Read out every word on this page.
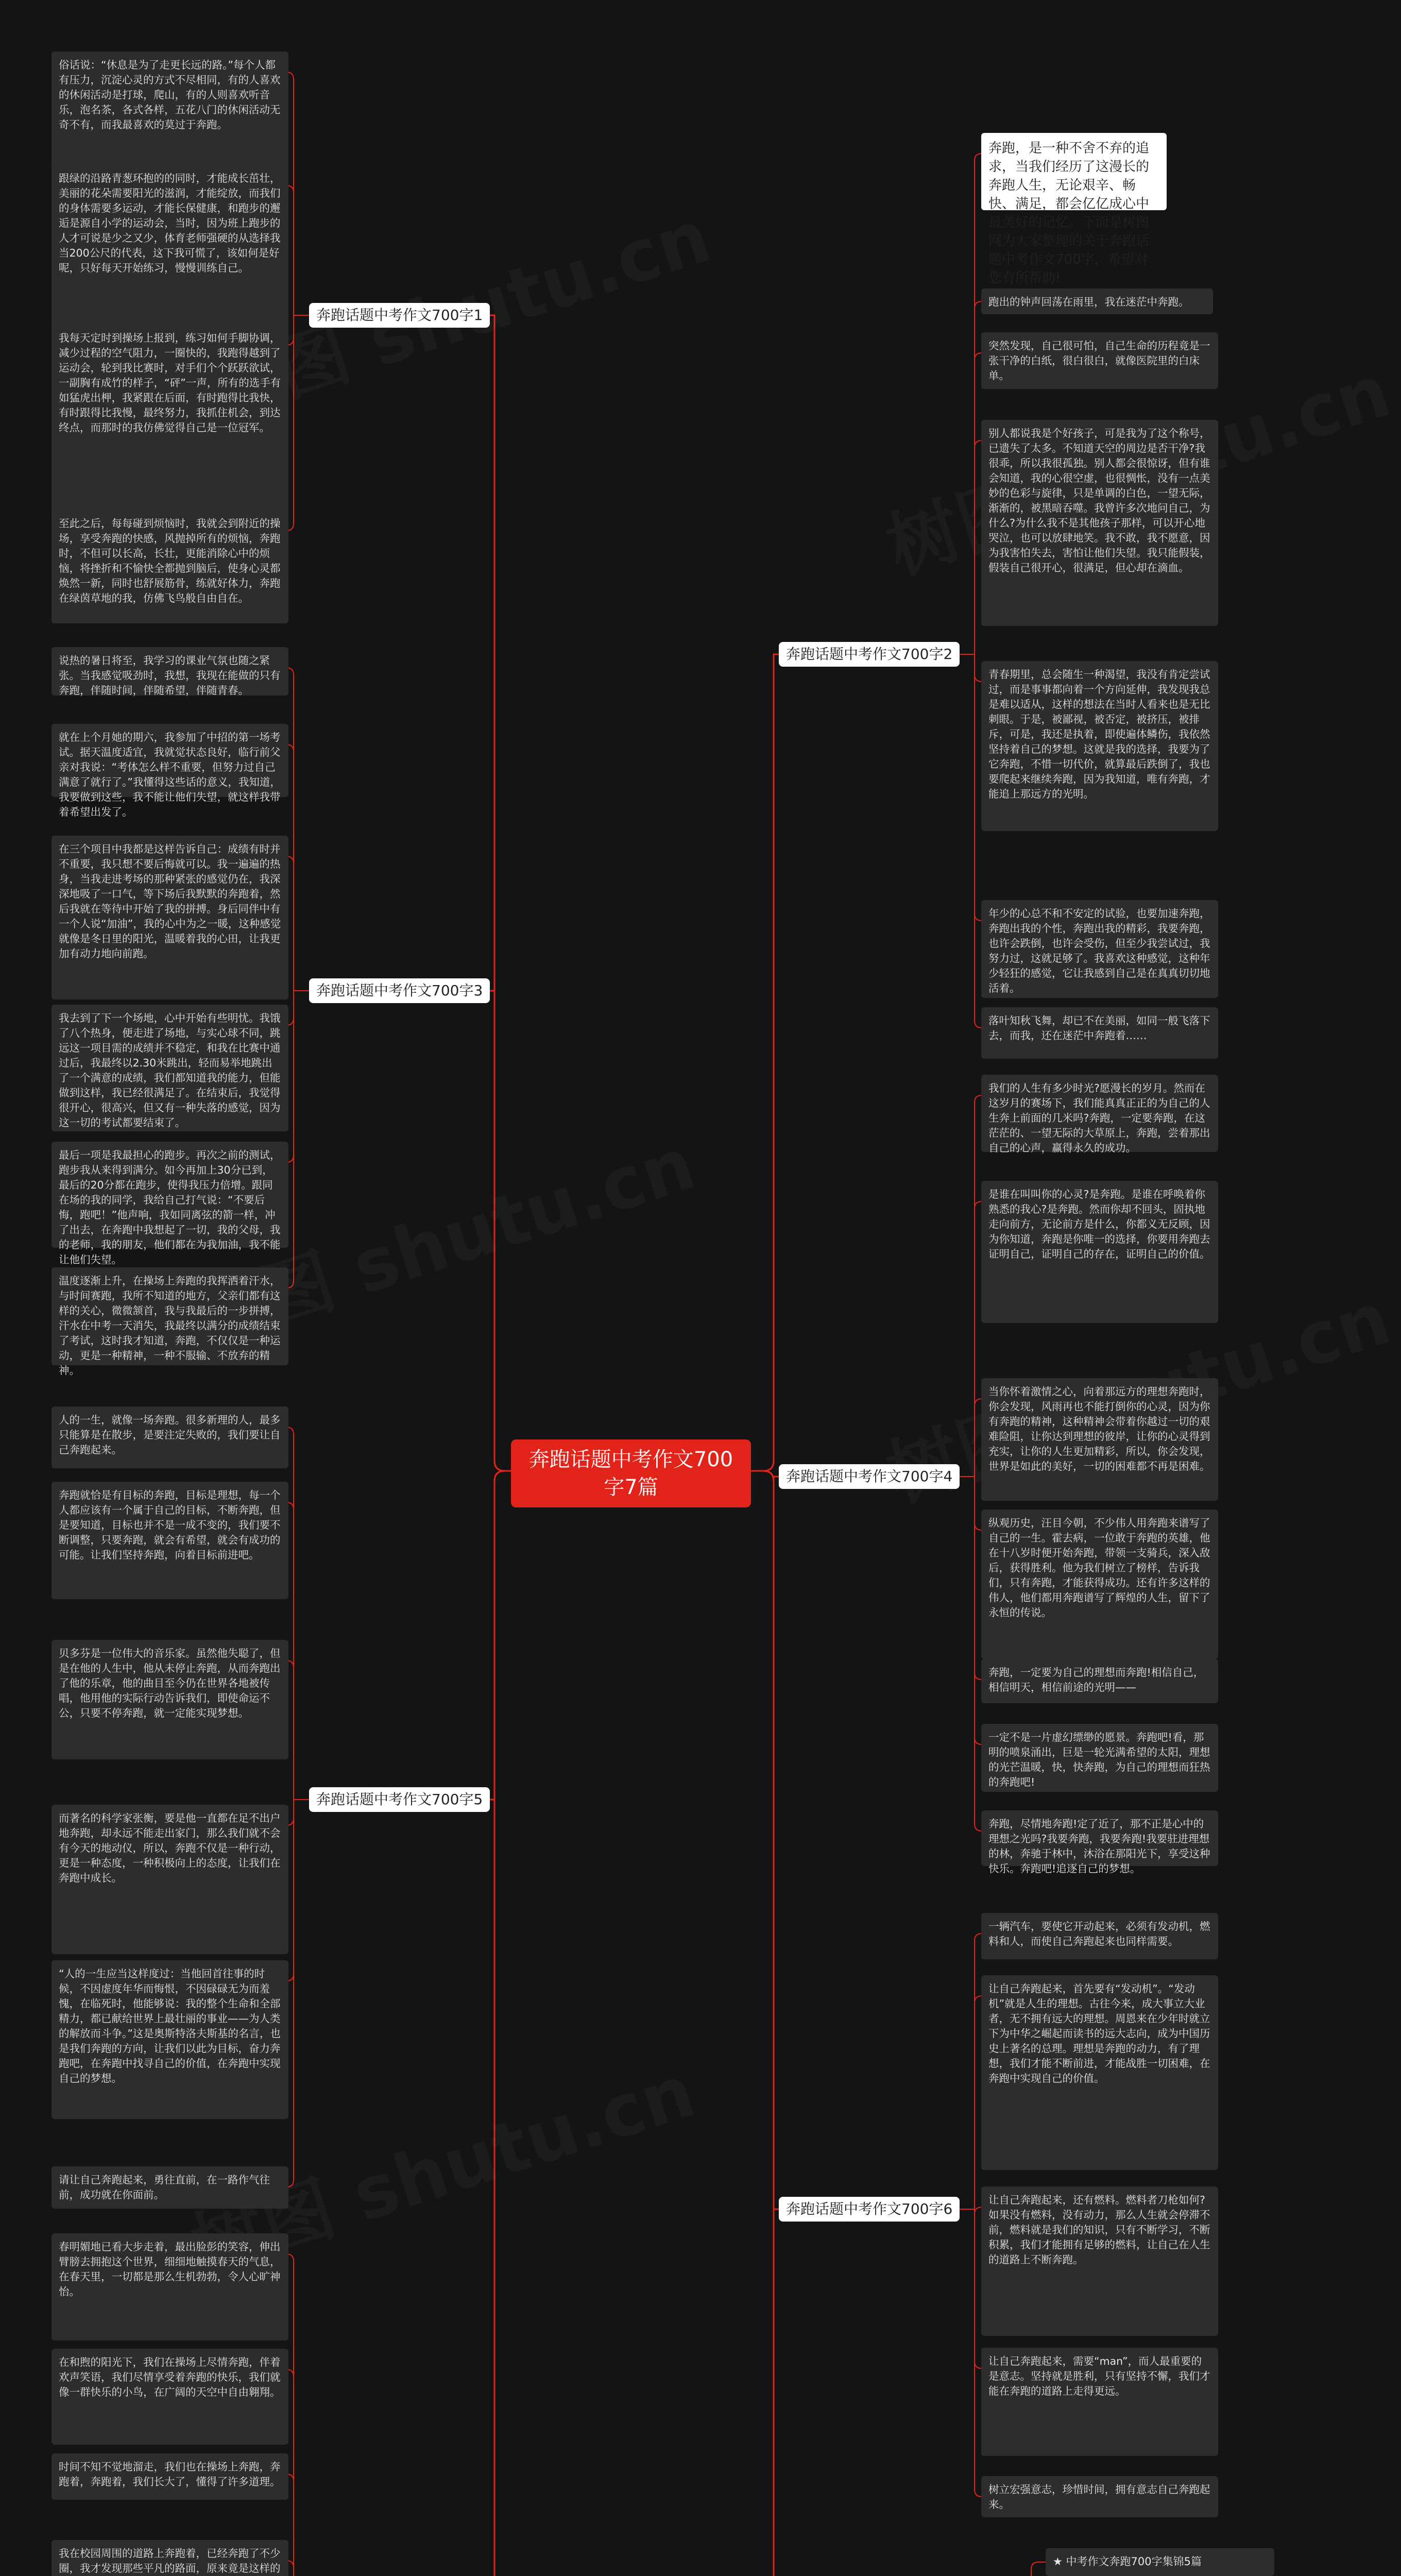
奔跑话题中考作文700字7篇
奔跑话题中考作文700字1
俗话说：“休息是为了走更长远的路。”每个人都有压力，沉淀心灵的方式不尽相同，有的人喜欢的休闲活动是打球，爬山，有的人则喜欢听音乐，泡名茶，各式各样，五花八门的休闲活动无奇不有，而我最喜欢的莫过于奔跑。
跟绿的沿路青葱环抱的的同时，才能成长茁壮，美丽的花朵需要阳光的滋润，才能绽放，而我们的身体需要多运动，才能长保健康，和跑步的邂逅是源自小学的运动会，当时，因为班上跑步的人才可说是少之又少，体育老师强硬的从选择我当200公尺的代表，这下我可慌了，该如何是好呢，只好每天开始练习，慢慢训练自己。
我每天定时到操场上报到，练习如何手脚协调，减少过程的空气阻力，一圈快的，我跑得越到了运动会，轮到我比赛时，对手们个个跃跃欲试，一副胸有成竹的样子，“砰”一声，所有的选手有如猛虎出柙，我紧跟在后面，有时跑得比我快，有时跟得比我慢，最终努力，我抓住机会，到达终点，而那时的我仿佛觉得自己是一位冠军。
至此之后，每每碰到烦恼时，我就会到附近的操场，享受奔跑的快感，风抛掉所有的烦恼，奔跑时，不但可以长高，长壮，更能消除心中的烦恼，将挫折和不愉快全都抛到脑后，使身心灵都焕然一新，同时也舒展筋骨，练就好体力，奔跑在绿茵草地的我，仿佛飞鸟般自由自在。
奔跑话题中考作文700字2
奔跑，是一种不舍不弃的追求，当我们经历了这漫长的奔跑人生，无论艰辛、畅快、满足，都会亿亿成心中最美好的记忆。下面是树图网为大家整理的关于奔跑话题中考作文700字，希望对您有所帮助!
跑出的钟声回荡在雨里，我在迷茫中奔跑。
突然发现，自己很可怕，自己生命的历程竟是一张干净的白纸，很白很白，就像医院里的白床单。
别人都说我是个好孩子，可是我为了这个称号，已遗失了太多。不知道天空的周边是否干净?我很乖，所以我很孤独。别人都会很惊讶，但有谁会知道，我的心很空虚，也很惆怅，没有一点美妙的色彩与旋律，只是单调的白色，一望无际，渐渐的，被黑暗吞噬。我曾许多次地问自己，为什么?为什么我不是其他孩子那样，可以开心地哭泣，也可以放肆地笑。我不敢，我不愿意，因为我害怕失去，害怕让他们失望。我只能假装，假装自己很开心，很满足，但心却在滴血。
青春期里，总会随生一种渴望，我没有肯定尝试过，而是事事都向着一个方向延伸，我发现我总是难以适从，这样的想法在当时人看来也是无比刺眼。于是，被鄙视，被否定，被挤压，被排斥，可是，我还是执着，即使遍体鳞伤，我依然坚持着自己的梦想。这就是我的选择，我要为了它奔跑，不惜一切代价，就算最后跌倒了，我也要爬起来继续奔跑，因为我知道，唯有奔跑，才能追上那远方的光明。
年少的心总不和不安定的试验，也要加速奔跑，奔跑出我的个性，奔跑出我的精彩，我要奔跑，也许会跌倒，也许会受伤，但至少我尝试过，我努力过，这就足够了。我喜欢这种感觉，这种年少轻狂的感觉，它让我感到自己是在真真切切地活着。
落叶知秋飞舞，却已不在美丽，如同一般飞落下去，而我，还在迷茫中奔跑着……
奔跑话题中考作文700字3
说热的暑日将至，我学习的课业气氛也随之紧张。当我感觉吸劲时，我想，我现在能做的只有奔跑，伴随时间，伴随希望，伴随青春。
就在上个月她的期六，我参加了中招的第一场考试。据天温度适宜，我就觉状态良好，临行前父亲对我说：“考体怎么样不重要，但努力过自己满意了就行了。”我懂得这些话的意义，我知道，我要做到这些，我不能让他们失望，就这样我带着希望出发了。
在三个项目中我都是这样告诉自己：成绩有时并不重要，我只想不要后悔就可以。我一遍遍的热身，当我走进考场的那种紧张的感觉仍在，我深深地吸了一口气，等下场后我默默的奔跑着，然后我就在等待中开始了我的拼搏。身后同伴中有一个人说“加油”，我的心中为之一暖，这种感觉就像是冬日里的阳光，温暖着我的心田，让我更加有动力地向前跑。
我去到了下一个场地，心中开始有些明忧。我饿了八个热身，便走进了场地，与实心球不同，跳远这一项目需的成绩并不稳定，和我在比赛中通过后，我最终以2.30米跳出，轻而易举地跳出了一个满意的成绩，我们都知道我的能力，但能做到这样，我已经很满足了。在结束后，我觉得很开心，很高兴，但又有一种失落的感觉，因为这一切的考试都要结束了。
最后一项是我最担心的跑步。再次之前的测试，跑步我从来得到满分。如今再加上30分已到，最后的20分都在跑步，使得我压力倍增。跟同在场的我的同学，我给自己打气说：“不要后悔，跑吧！”他声响，我如同离弦的箭一样，冲了出去，在奔跑中我想起了一切，我的父母，我的老师，我的朋友，他们都在为我加油，我不能让他们失望。
温度逐渐上升，在操场上奔跑的我挥洒着汗水，与时间赛跑，我所不知道的地方，父亲们都有这样的关心，微微颔首，我与我最后的一步拼搏，汗水在中考一天消失，我最终以满分的成绩结束了考试，这时我才知道，奔跑，不仅仅是一种运动，更是一种精神，一种不服输、不放弃的精神。
奔跑话题中考作文700字4
我们的人生有多少时光?愿漫长的岁月。然而在这岁月的赛场下，我们能真真正正的为自己的人生奔上前面的几米吗?奔跑，一定要奔跑，在这茫茫的、一望无际的大草原上，奔跑，尝着那出自己的心声，赢得永久的成功。
是谁在叫叫你的心灵?是奔跑。是谁在呼唤着你熟悉的我心?是奔跑。然而你却不回头，固执地走向前方，无论前方是什么，你都义无反顾，因为你知道，奔跑是你唯一的选择，你要用奔跑去证明自己，证明自己的存在，证明自己的价值。
当你怀着激情之心，向着那远方的理想奔跑时，你会发现，风雨再也不能打倒你的心灵，因为你有奔跑的精神，这种精神会带着你越过一切的艰难险阻，让你达到理想的彼岸，让你的心灵得到充实，让你的人生更加精彩，所以，你会发现，世界是如此的美好，一切的困难都不再是困难。
纵观历史，汪目今朝，不少伟人用奔跑来谱写了自己的一生。霍去病，一位敢于奔跑的英雄，他在十八岁时便开始奔跑，带领一支骑兵，深入敌后，获得胜利。他为我们树立了榜样，告诉我们，只有奔跑，才能获得成功。还有许多这样的伟人，他们都用奔跑谱写了辉煌的人生，留下了永恒的传说。
奔跑，一定要为自己的理想而奔跑!相信自己，相信明天，相信前途的光明——
一定不是一片虚幻缥缈的愿景。奔跑吧!看，那明的喷泉涌出，巨是一轮光满希望的太阳，理想的光芒温暖，快，快奔跑，为自己的理想而狂热的奔跑吧!
奔跑，尽情地奔跑!定了近了，那不正是心中的理想之光吗?我要奔跑，我要奔跑!我要驻进理想的林，奔驰于林中，沐浴在那阳光下，享受这种快乐。奔跑吧!追逐自己的梦想。
奔跑话题中考作文700字5
人的一生，就像一场奔跑。很多新理的人，最多只能算是在散步，是要注定失败的，我们要让自己奔跑起来。
奔跑就恰是有目标的奔跑，目标是理想，每一个人都应该有一个属于自己的目标，不断奔跑，但是要知道，目标也并不是一成不变的，我们要不断调整，只要奔跑，就会有希望，就会有成功的可能。让我们坚持奔跑，向着目标前进吧。
贝多芬是一位伟大的音乐家。虽然他失聪了，但是在他的人生中，他从未停止奔跑，从而奔跑出了他的乐章，他的曲目至今仍在世界各地被传唱，他用他的实际行动告诉我们，即使命运不公，只要不停奔跑，就一定能实现梦想。
而著名的科学家张衡，要是他一直都在足不出户地奔跑，却永远不能走出家门，那么我们就不会有今天的地动仪，所以，奔跑不仅是一种行动，更是一种态度，一种积极向上的态度，让我们在奔跑中成长。
“人的一生应当这样度过：当他回首往事的时候，不因虚度年华而悔恨，不因碌碌无为而羞愧，在临死时，他能够说：我的整个生命和全部精力，都已献给世界上最壮丽的事业——为人类的解放而斗争。”这是奥斯特洛夫斯基的名言，也是我们奔跑的方向，让我们以此为目标，奋力奔跑吧，在奔跑中找寻自己的价值，在奔跑中实现自己的梦想。
请让自己奔跑起来，勇往直前，在一路作气往前，成功就在你面前。
奔跑话题中考作文700字6
一辆汽车，要使它开动起来，必须有发动机，燃料和人，而使自己奔跑起来也同样需要。
让自己奔跑起来，首先要有“发动机”。“发动机”就是人生的理想。古往今来，成大事立大业者，无不拥有远大的理想。周恩来在少年时就立下为中华之崛起而读书的远大志向，成为中国历史上著名的总理。理想是奔跑的动力，有了理想，我们才能不断前进，才能战胜一切困难，在奔跑中实现自己的价值。
让自己奔跑起来，还有燃料。燃料者刀枪如何?如果没有燃料，没有动力，那么人生就会停滞不前，燃料就是我们的知识，只有不断学习，不断积累，我们才能拥有足够的燃料，让自己在人生的道路上不断奔跑。
让自己奔跑起来，需要“man”，而人最重要的是意志。坚持就是胜利，只有坚持不懈，我们才能在奔跑的道路上走得更远。
树立宏强意志，珍惜时间，拥有意志自己奔跑起来。
春明媚地已看大步走着，最出脸彭的笑容，伸出臂膀去拥抱这个世界，细细地触摸春天的气息，在春天里，一切都是那么生机勃勃，令人心旷神怡。
在和煦的阳光下，我们在操场上尽情奔跑，伴着欢声笑语，我们尽情享受着奔跑的快乐，我们就像一群快乐的小鸟，在广阔的天空中自由翱翔。
时间不知不觉地溜走，我们也在操场上奔跑，奔跑着，奔跑着，我们长大了，懂得了许多道理。
我在校园周围的道路上奔跑着，已经奔跑了不少圈，我才发现那些平凡的路面，原来竟是这样的
★ 中考作文奔跑700字集锦5篇
